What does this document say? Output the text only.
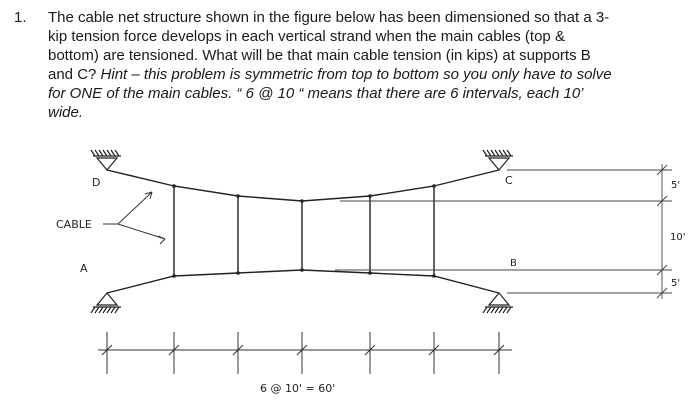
1.	The cable net structure shown in the figure below has been dimensioned so that a 3-
kip tension force develops in each vertical strand when the main cables (top &
bottom) are tensioned. What will be that main cable tension (in kips) at supports B
and C? Hint – this problem is symmetric from top to bottom so you only have to solve
for ONE of the main cables. “ 6 @ 10 “ means that there are 6 intervals, each 10’
wide.
D	C
A	B
CABLE
5'
10'
5'
6 @ 10' = 60'
